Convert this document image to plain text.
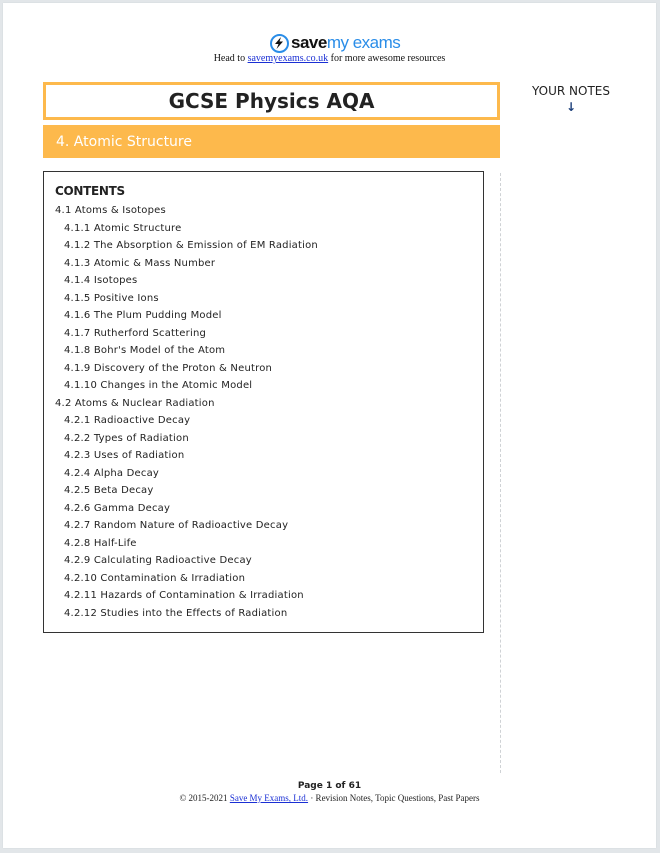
save my exams
Head to savemyexams.co.uk for more awesome resources
GCSE Physics AQA
4. Atomic Structure
YOUR NOTES
↓
CONTENTS
4.1 Atoms & Isotopes
4.1.1 Atomic Structure
4.1.2 The Absorption & Emission of EM Radiation
4.1.3 Atomic & Mass Number
4.1.4 Isotopes
4.1.5 Positive Ions
4.1.6 The Plum Pudding Model
4.1.7 Rutherford Scattering
4.1.8 Bohr's Model of the Atom
4.1.9 Discovery of the Proton & Neutron
4.1.10 Changes in the Atomic Model
4.2 Atoms & Nuclear Radiation
4.2.1 Radioactive Decay
4.2.2 Types of Radiation
4.2.3 Uses of Radiation
4.2.4 Alpha Decay
4.2.5 Beta Decay
4.2.6 Gamma Decay
4.2.7 Random Nature of Radioactive Decay
4.2.8 Half-Life
4.2.9 Calculating Radioactive Decay
4.2.10 Contamination & Irradiation
4.2.11 Hazards of Contamination & Irradiation
4.2.12 Studies into the Effects of Radiation
Page 1 of 61
© 2015-2021 Save My Exams, Ltd. · Revision Notes, Topic Questions, Past Papers
